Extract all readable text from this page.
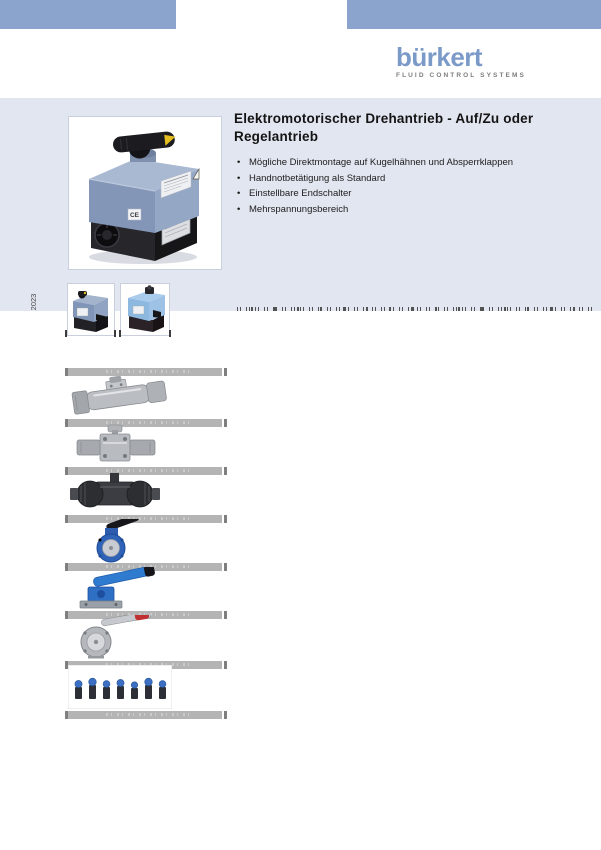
bürkert
FLUID CONTROL SYSTEMS
CE
Elektromotorischer Drehantrieb - Auf/Zu oder Regelantrieb
• Mögliche Direktmontage auf Kugelhähnen und Absperrklappen
• Handnotbetätigung als Standard
• Einstellbare Endschalter
• Mehrspannungsbereich
2023
